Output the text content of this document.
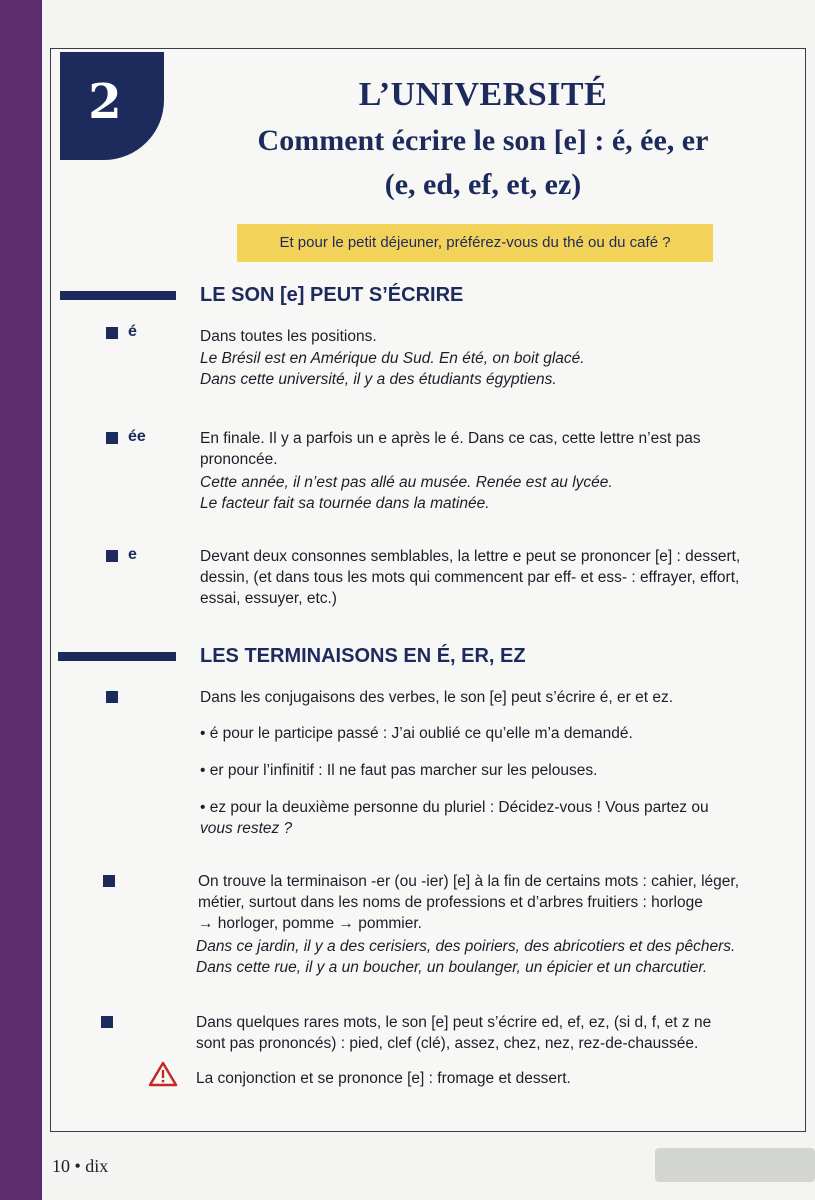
2	L’UNIVERSITÉ
Comment écrire le son [e] : é, ée, er
(e, ed, ef, et, ez)
Et pour le petit déjeuner, préférez-vous du thé ou du café ?
LE SON [e] PEUT S’ÉCRIRE
é	Dans toutes les positions.
Le Brésil est en Amérique du Sud. En été, on boit glacé.
Dans cette université, il y a des étudiants égyptiens.
ée	En finale. Il y a parfois un e après le é. Dans ce cas, cette lettre n’est pas
prononcée.
Cette année, il n’est pas allé au musée. Renée est au lycée.
Le facteur fait sa tournée dans la matinée.
e	Devant deux consonnes semblables, la lettre e peut se prononcer [e] : dessert,
dessin, (et dans tous les mots qui commencent par eff- et ess- : effrayer, effort,
essai, essuyer, etc.)
LES TERMINAISONS EN É, ER, EZ
Dans les conjugaisons des verbes, le son [e] peut s’écrire é, er et ez.
• é pour le participe passé : J’ai oublié ce qu’elle m’a demandé.
• er pour l’infinitif : Il ne faut pas marcher sur les pelouses.
• ez pour la deuxième personne du pluriel : Décidez-vous ! Vous partez ou
vous restez ?
On trouve la terminaison -er (ou -ier) [e] à la fin de certains mots : cahier, léger,
métier, surtout dans les noms de professions et d’arbres fruitiers : horloge
→ horloger, pomme → pommier.
Dans ce jardin, il y a des cerisiers, des poiriers, des abricotiers et des pêchers.
Dans cette rue, il y a un boucher, un boulanger, un épicier et un charcutier.
Dans quelques rares mots, le son [e] peut s’écrire ed, ef, ez, (si d, f, et z ne
sont pas prononcés) : pied, clef (clé), assez, chez, nez, rez-de-chaussée.
La conjonction et se prononce [e] : fromage et dessert.
10 • dix
